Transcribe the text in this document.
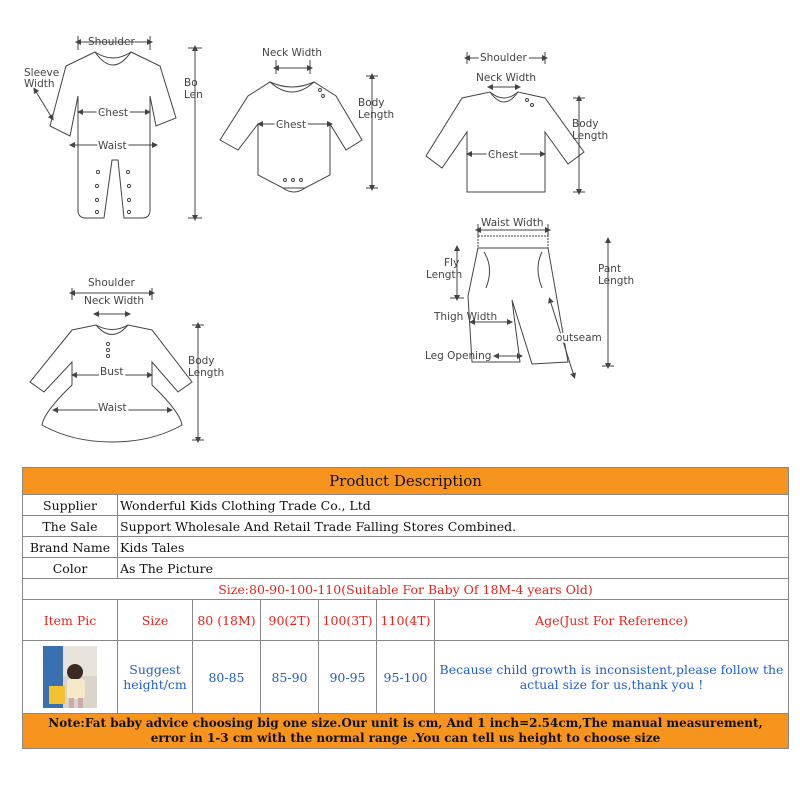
Shoulder
Sleeve
Width	Bo
Len
Chest
Waist
Neck Width
Chest
Body
Length
Shoulder
Neck Width
Chest
Body
Length
Shoulder
Neck Width
Bust
Waist
Body
Length
Waist Width
Fly
Length	Pant
Length
Thigh Width
outseam
Leg Opening
Product Description						
Supplier	Wonderful Kids Clothing Trade Co., Ltd					
The Sale	Support Wholesale And Retail Trade Falling Stores Combined.					
Brand Name	Kids Tales					
Color	As The Picture					
Size:80-90-100-110(Suitable For Baby Of 18M-4 years Old)						
Item Pic	Size	80 (18M)	90(2T)	100(3T)	110(4T)	Age(Just For Reference)

	Suggest height/cm	80-85	85-90	90-95	95-100	Because child growth is inconsistent,please follow the actual size for us,thank you !

Note:Fat baby advice choosing big one size.Our unit is cm, And 1 inch=2.54cm,The manual measurement,
error in 1-3 cm with the normal range .You can tell us height to choose size						
